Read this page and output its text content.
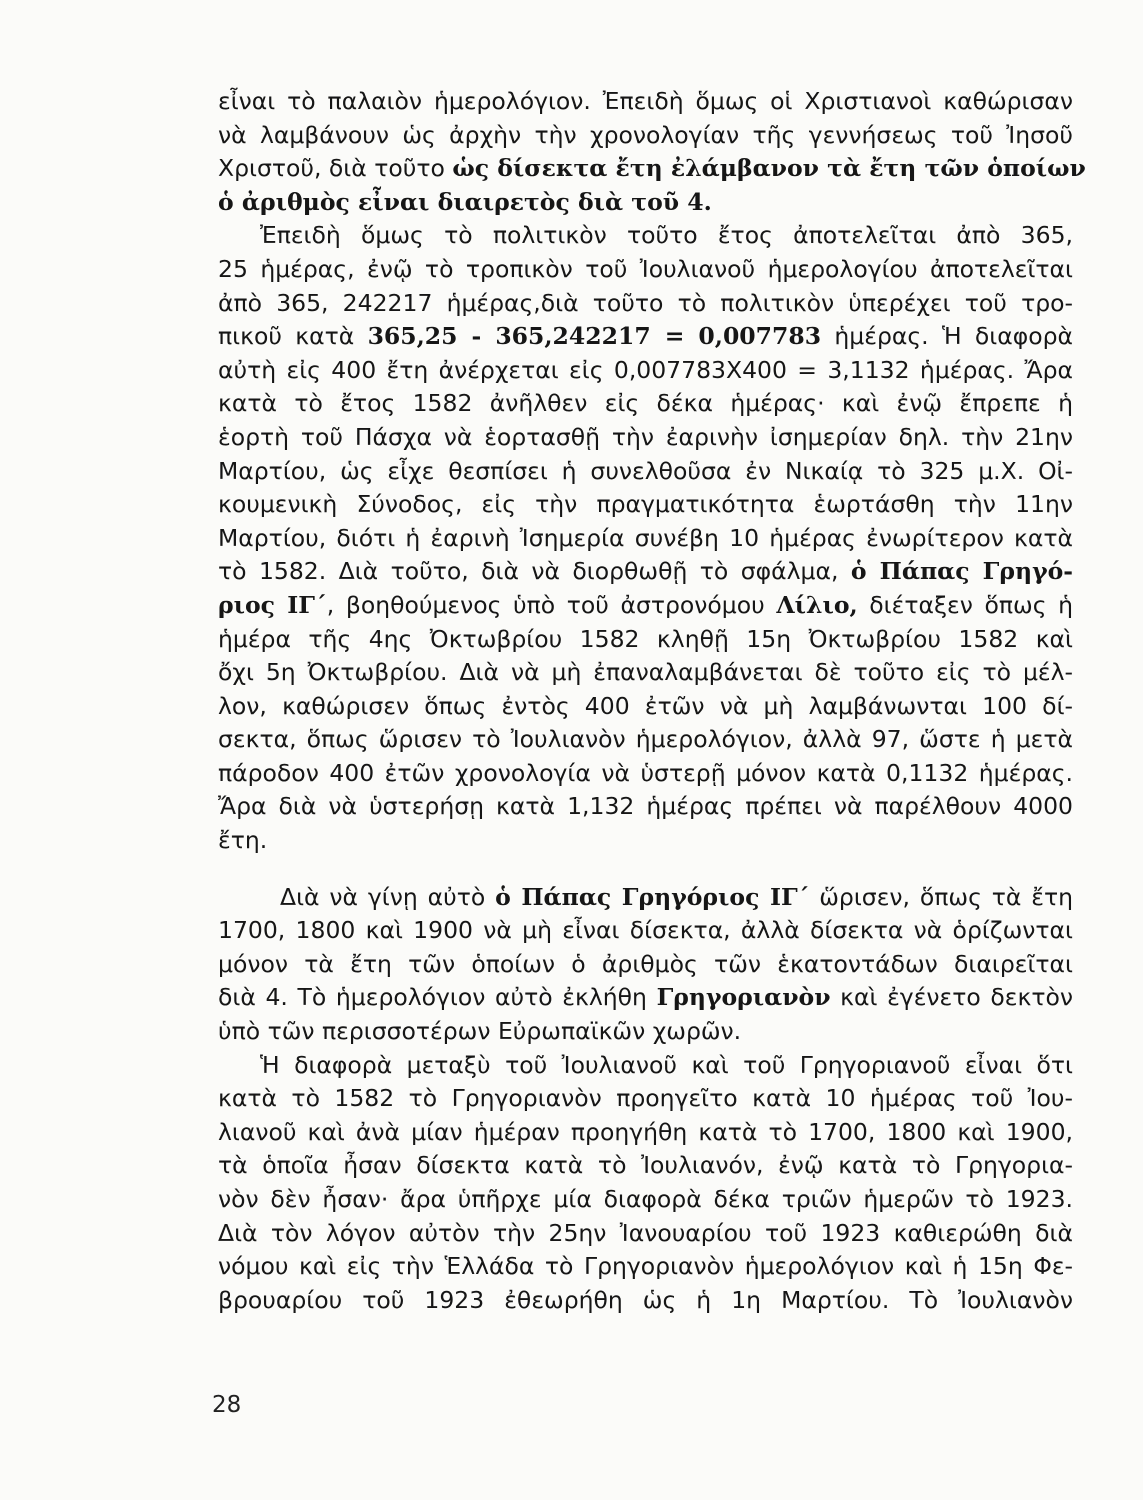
εἶναι τὸ παλαιὸν ἡμερολόγιον. Ἐπειδὴ ὅμως οἱ Χριστιανοὶ καθώρισαν
νὰ λαμβάνουν ὡς ἀρχὴν τὴν χρονολογίαν τῆς γεννήσεως τοῦ Ἰησοῦ
Χριστοῦ, διὰ τοῦτο ὡς δίσεκτα ἔτη ἐλάμβανον τὰ ἔτη τῶν ὁποίων
ὁ ἀριθμὸς εἶναι διαιρετὸς διὰ τοῦ 4.
Ἐπειδὴ ὅμως τὸ πολιτικὸν τοῦτο ἔτος ἀποτελεῖται ἀπὸ 365,
25 ἡμέρας, ἐνῷ τὸ τροπικὸν τοῦ Ἰουλιανοῦ ἡμερολογίου ἀποτελεῖται
ἀπὸ 365, 242217 ἡμέρας,διὰ τοῦτο τὸ πολιτικὸν ὑπερέχει τοῦ τρο-
πικοῦ κατὰ 365,25 - 365,242217 = 0,007783 ἡμέρας. Ἡ διαφορὰ
αὐτὴ εἰς 400 ἔτη ἀνέρχεται εἰς 0,007783X400 = 3,1132 ἡμέρας. Ἄρα
κατὰ τὸ ἔτος 1582 ἀνῆλθεν εἰς δέκα ἡμέρας· καὶ ἐνῷ ἔπρεπε ἡ
ἑορτὴ τοῦ Πάσχα νὰ ἑορτασθῇ τὴν ἐαρινὴν ἰσημερίαν δηλ. τὴν 21ην
Μαρτίου, ὡς εἶχε θεσπίσει ἡ συνελθοῦσα ἐν Νικαίᾳ τὸ 325 μ.Χ. Οἰ-
κουμενικὴ Σύνοδος, εἰς τὴν πραγματικότητα ἑωρτάσθη τὴν 11ην
Μαρτίου, διότι ἡ ἐαρινὴ Ἰσημερία συνέβη 10 ἡμέρας ἐνωρίτερον κατὰ
τὸ 1582. Διὰ τοῦτο, διὰ νὰ διορθωθῇ τὸ σφάλμα, ὁ Πάπας Γρηγό-
ριος ΙΓ΄, βοηθούμενος ὑπὸ τοῦ ἀστρονόμου Λίλιο, διέταξεν ὅπως ἡ
ἡμέρα τῆς 4ης Ὀκτωβρίου 1582 κληθῇ 15η Ὀκτωβρίου 1582 καὶ
ὄχι 5η Ὀκτωβρίου. Διὰ νὰ μὴ ἐπαναλαμβάνεται δὲ τοῦτο εἰς τὸ μέλ-
λον, καθώρισεν ὅπως ἐντὸς 400 ἐτῶν νὰ μὴ λαμβάνωνται 100 δί-
σεκτα, ὅπως ὥρισεν τὸ Ἰουλιανὸν ἡμερολόγιον, ἀλλὰ 97, ὥστε ἡ μετὰ
πάροδον 400 ἐτῶν χρονολογία νὰ ὑστερῇ μόνον κατὰ 0,1132 ἡμέρας.
Ἄρα διὰ νὰ ὑστερήσῃ κατὰ 1,132 ἡμέρας πρέπει νὰ παρέλθουν 4000
ἔτη.
Διὰ νὰ γίνῃ αὐτὸ ὁ Πάπας Γρηγόριος ΙΓ΄ ὥρισεν, ὅπως τὰ ἔτη
1700, 1800 καὶ 1900 νὰ μὴ εἶναι δίσεκτα, ἀλλὰ δίσεκτα νὰ ὁρίζωνται
μόνον τὰ ἔτη τῶν ὁποίων ὁ ἀριθμὸς τῶν ἑκατοντάδων διαιρεῖται
διὰ 4. Τὸ ἡμερολόγιον αὐτὸ ἐκλήθη Γρηγοριανὸν καὶ ἐγένετο δεκτὸν
ὑπὸ τῶν περισσοτέρων Εὐρωπαϊκῶν χωρῶν.
Ἡ διαφορὰ μεταξὺ τοῦ Ἰουλιανοῦ καὶ τοῦ Γρηγοριανοῦ εἶναι ὅτι
κατὰ τὸ 1582 τὸ Γρηγοριανὸν προηγεῖτο κατὰ 10 ἡμέρας τοῦ Ἰου-
λιανοῦ καὶ ἀνὰ μίαν ἡμέραν προηγήθη κατὰ τὸ 1700, 1800 καὶ 1900,
τὰ ὁποῖα ἦσαν δίσεκτα κατὰ τὸ Ἰουλιανόν, ἐνῷ κατὰ τὸ Γρηγορια-
νὸν δὲν ἦσαν· ἄρα ὑπῆρχε μία διαφορὰ δέκα τριῶν ἡμερῶν τὸ 1923.
Διὰ τὸν λόγον αὐτὸν τὴν 25ην Ἰανουαρίου τοῦ 1923 καθιερώθη διὰ
νόμου καὶ εἰς τὴν Ἑλλάδα τὸ Γρηγοριανὸν ἡμερολόγιον καὶ ἡ 15η Φε-
βρουαρίου τοῦ 1923 ἐθεωρήθη ὡς ἡ 1η Μαρτίου. Τὸ Ἰουλιανὸν
28
